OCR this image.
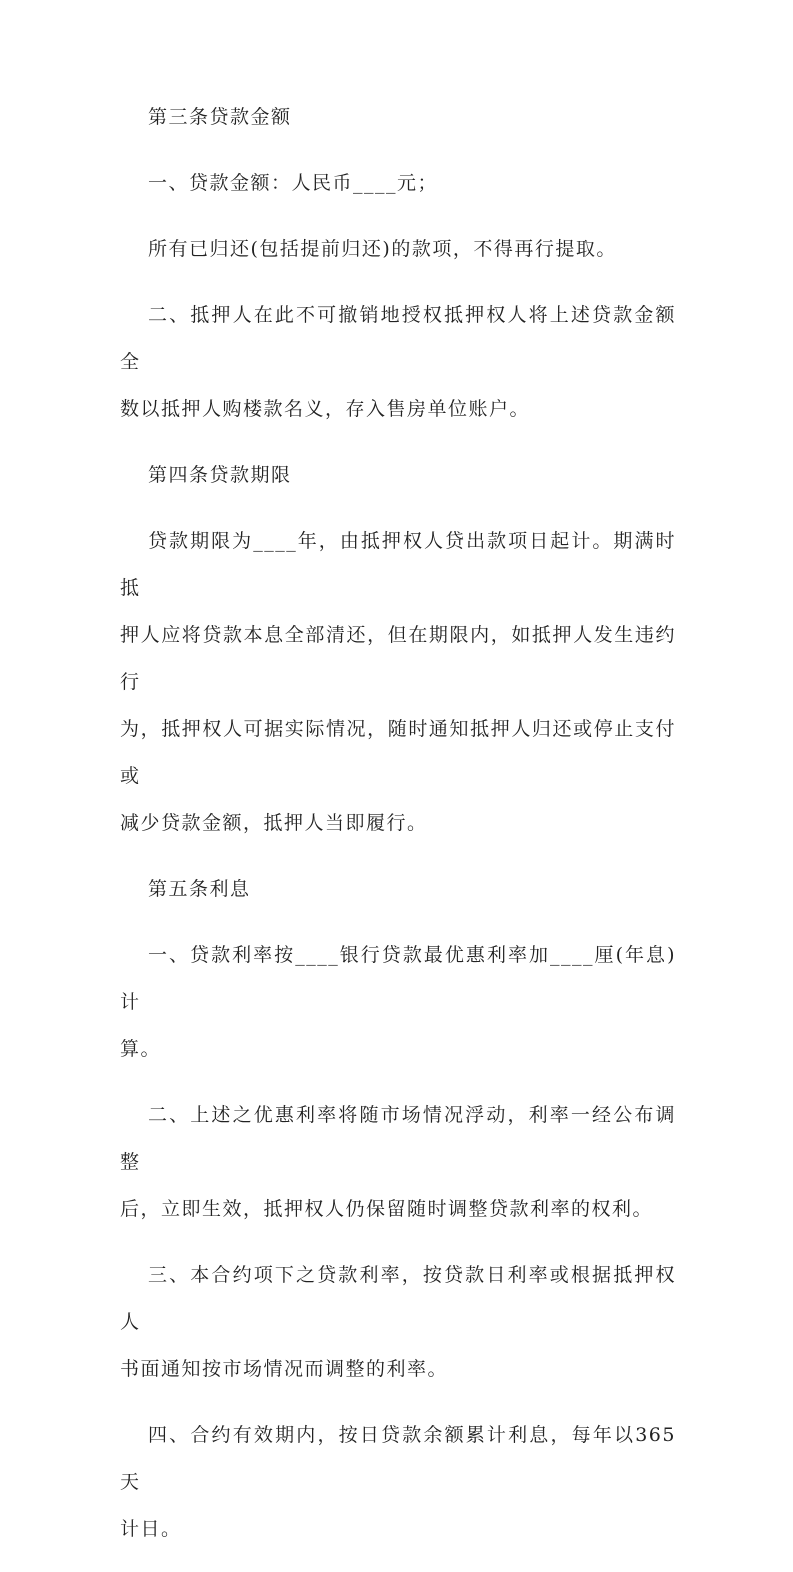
第三条贷款金额

一、贷款金额：人民币____元；

所有已归还(包括提前归还)的款项，不得再行提取。

二、抵押人在此不可撤销地授权抵押权人将上述贷款金额全
数以抵押人购楼款名义，存入售房单位账户。

第四条贷款期限

贷款期限为____年，由抵押权人贷出款项日起计。期满时抵
押人应将贷款本息全部清还，但在期限内，如抵押人发生违约行
为，抵押权人可据实际情况，随时通知抵押人归还或停止支付或
减少贷款金额，抵押人当即履行。

第五条利息

一、贷款利率按____银行贷款最优惠利率加____厘(年息)计
算。

二、上述之优惠利率将随市场情况浮动，利率一经公布调整
后，立即生效，抵押权人仍保留随时调整贷款利率的权利。

三、本合约项下之贷款利率，按贷款日利率或根据抵押权人
书面通知按市场情况而调整的利率。

四、合约有效期内，按日贷款余额累计利息，每年以365天
计日。
